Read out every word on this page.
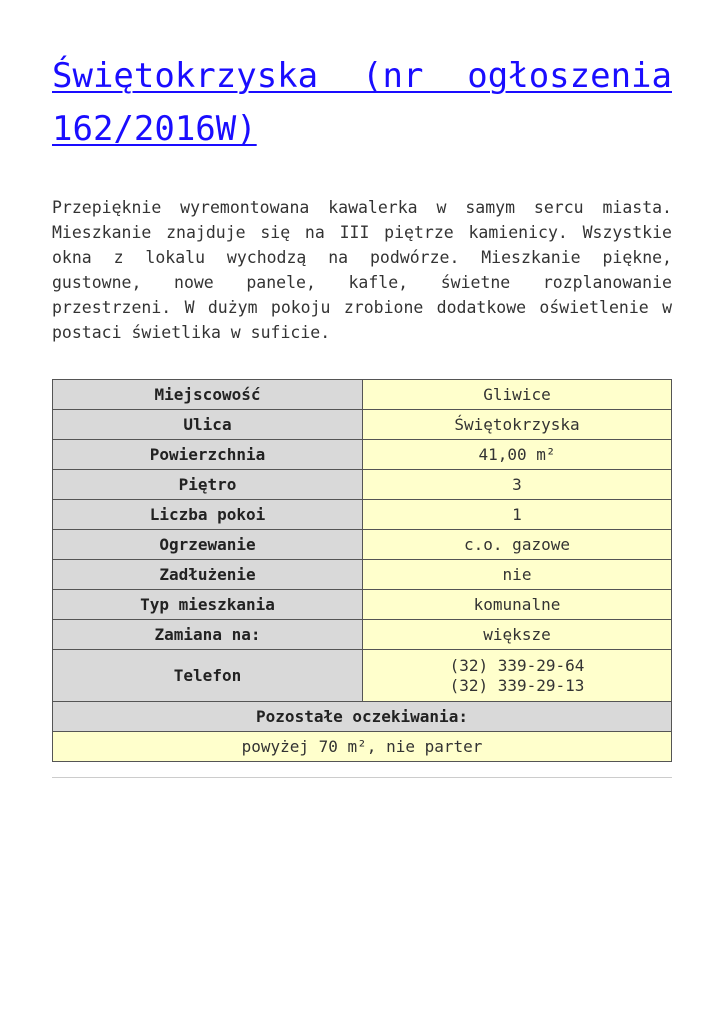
Świętokrzyska (nr ogłoszenia 162/2016W)

Przepięknie wyremontowana kawalerka w samym sercu miasta. Mieszkanie znajduje się na III piętrze kamienicy. Wszystkie okna z lokalu wychodzą na podwórze. Mieszkanie piękne, gustowne, nowe panele, kafle, świetne rozplanowanie przestrzeni. W dużym pokoju zrobione dodatkowe oświetlenie w postaci świetlika w suficie.

Miejscowość	Gliwice
Ulica	Świętokrzyska
Powierzchnia	41,00 m²
Piętro	3
Liczba pokoi	1
Ogrzewanie	c.o. gazowe
Zadłużenie	nie
Typ mieszkania	komunalne
Zamiana na:	większe
Telefon	(32) 339-29-64
(32) 339-29-13

Pozostałe oczekiwania:	
powyżej 70 m², nie parter	
